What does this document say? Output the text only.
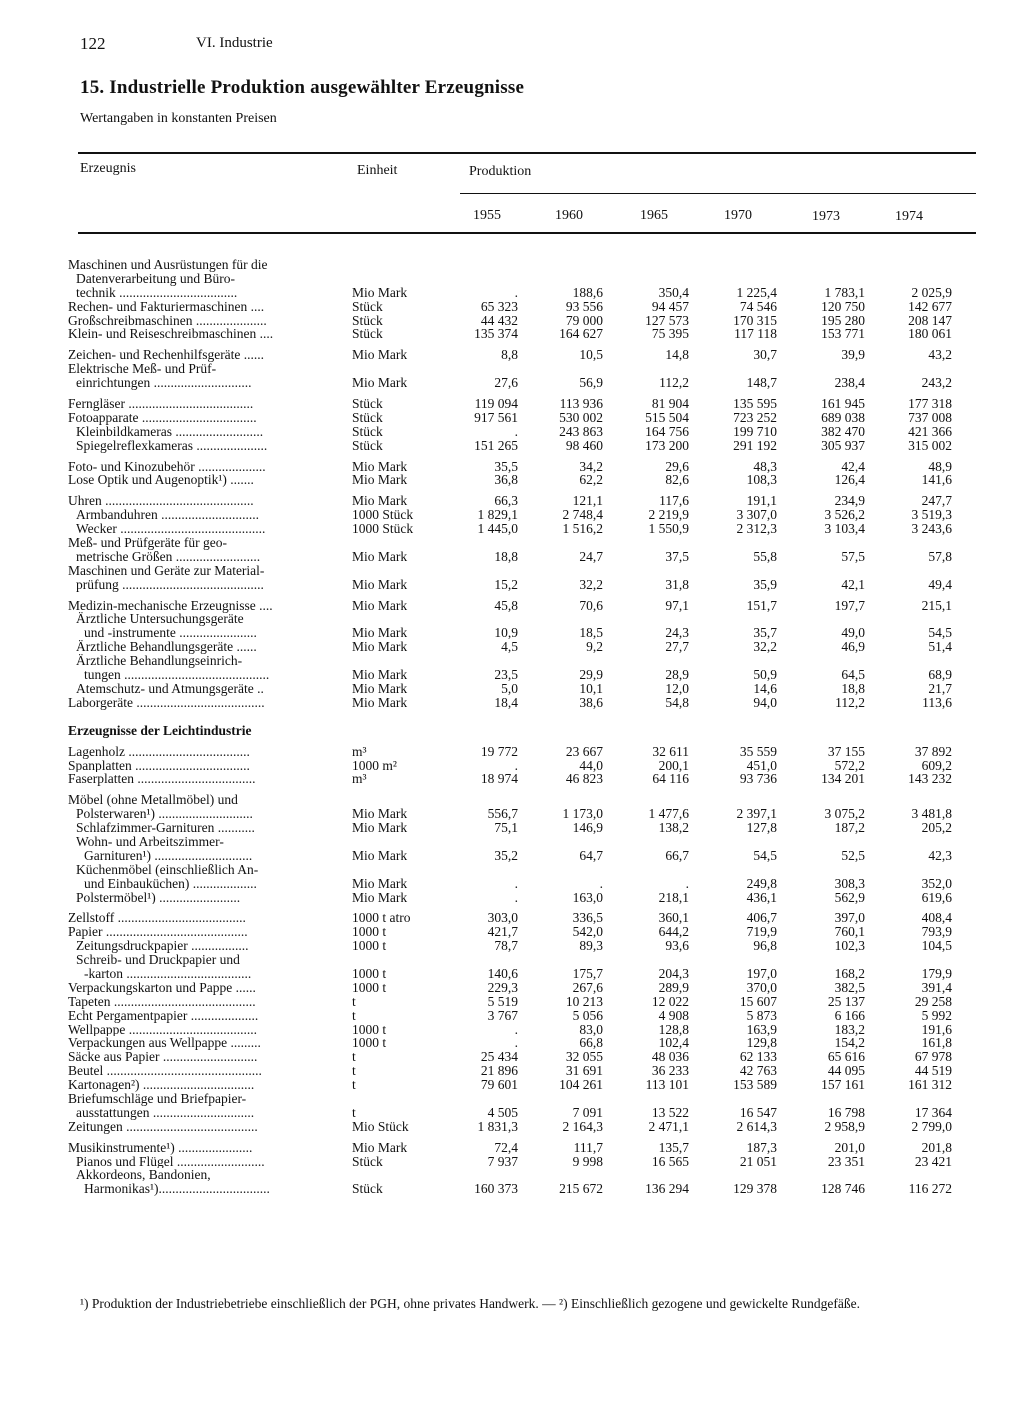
122	VI. Industrie
15. Industrielle Produktion ausgewählter Erzeugnisse
Wertangaben in konstanten Preisen
Erzeugnis	Einheit	Produktion
1955	1960	1965	1970	1973	1974
Maschinen und Ausrüstungen für die
Datenverarbeitung und Büro-
technik ...................................	Mio Mark	.	188,6	350,4	1 225,4	1 783,1	2 025,9
Rechen- und Fakturiermaschinen ....	Stück	65 323	93 556	94 457	74 546	120 750	142 677
Großschreibmaschinen .....................	Stück	44 432	79 000	127 573	170 315	195 280	208 147
Klein- und Reiseschreibmaschinen ....	Stück	135 374	164 627	75 395	117 118	153 771	180 061
Zeichen- und Rechenhilfsgeräte ......	Mio Mark	8,8	10,5	14,8	30,7	39,9	43,2
Elektrische Meß- und Prüf-
einrichtungen .............................	Mio Mark	27,6	56,9	112,2	148,7	238,4	243,2
Ferngläser .....................................	Stück	119 094	113 936	81 904	135 595	161 945	177 318
Fotoapparate ..................................	Stück	917 561	530 002	515 504	723 252	689 038	737 008
Kleinbildkameras ..........................	Stück	.	243 863	164 756	199 710	382 470	421 366
Spiegelreflexkameras .....................	Stück	151 265	98 460	173 200	291 192	305 937	315 002
Foto- und Kinozubehör ....................	Mio Mark	35,5	34,2	29,6	48,3	42,4	48,9
Lose Optik und Augenoptik¹) .......	Mio Mark	36,8	62,2	82,6	108,3	126,4	141,6
Uhren ............................................	Mio Mark	66,3	121,1	117,6	191,1	234,9	247,7
Armbanduhren .............................	1000 Stück	1 829,1	2 748,4	2 219,9	3 307,0	3 526,2	3 519,3
Wecker ...........................................	1000 Stück	1 445,0	1 516,2	1 550,9	2 312,3	3 103,4	3 243,6
Meß- und Prüfgeräte für geo-
metrische Größen .........................	Mio Mark	18,8	24,7	37,5	55,8	57,5	57,8
Maschinen und Geräte zur Material-
prüfung ..........................................	Mio Mark	15,2	32,2	31,8	35,9	42,1	49,4
Medizin-mechanische Erzeugnisse ....	Mio Mark	45,8	70,6	97,1	151,7	197,7	215,1
Ärztliche Untersuchungsgeräte
und -instrumente .......................	Mio Mark	10,9	18,5	24,3	35,7	49,0	54,5
Ärztliche Behandlungsgeräte ......	Mio Mark	4,5	9,2	27,7	32,2	46,9	51,4
Ärztliche Behandlungseinrich-
tungen ...........................................	Mio Mark	23,5	29,9	28,9	50,9	64,5	68,9
Atemschutz- und Atmungsgeräte ..	Mio Mark	5,0	10,1	12,0	14,6	18,8	21,7
Laborgeräte ......................................	Mio Mark	18,4	38,6	54,8	94,0	112,2	113,6
Erzeugnisse der Leichtindustrie
Lagenholz ....................................	m³	19 772	23 667	32 611	35 559	37 155	37 892
Spanplatten ..................................	1000 m²	.	44,0	200,1	451,0	572,2	609,2
Faserplatten ...................................	m³	18 974	46 823	64 116	93 736	134 201	143 232
Möbel (ohne Metallmöbel) und
Polsterwaren¹) ............................	Mio Mark	556,7	1 173,0	1 477,6	2 397,1	3 075,2	3 481,8
Schlafzimmer-Garnituren ...........	Mio Mark	75,1	146,9	138,2	127,8	187,2	205,2
Wohn- und Arbeitszimmer-
Garnituren¹) .............................	Mio Mark	35,2	64,7	66,7	54,5	52,5	42,3
Küchenmöbel (einschließlich An-
und Einbauküchen) ...................	Mio Mark	.	.	.	249,8	308,3	352,0
Polstermöbel¹) ........................	Mio Mark	.	163,0	218,1	436,1	562,9	619,6
Zellstoff ......................................	1000 t atro	303,0	336,5	360,1	406,7	397,0	408,4
Papier ..........................................	1000 t	421,7	542,0	644,2	719,9	760,1	793,9
Zeitungsdruckpapier .................	1000 t	78,7	89,3	93,6	96,8	102,3	104,5
Schreib- und Druckpapier und
-karton .....................................	1000 t	140,6	175,7	204,3	197,0	168,2	179,9
Verpackungskarton und Pappe ......	1000 t	229,3	267,6	289,9	370,0	382,5	391,4
Tapeten ..........................................	t	5 519	10 213	12 022	15 607	25 137	29 258
Echt Pergamentpapier ....................	t	3 767	5 056	4 908	5 873	6 166	5 992
Wellpappe ......................................	1000 t	.	83,0	128,8	163,9	183,2	191,6
Verpackungen aus Wellpappe .........	1000 t	.	66,8	102,4	129,8	154,2	161,8
Säcke aus Papier ............................	t	25 434	32 055	48 036	62 133	65 616	67 978
Beutel ..............................................	t	21 896	31 691	36 233	42 763	44 095	44 519
Kartonagen²) .................................	t	79 601	104 261	113 101	153 589	157 161	161 312
Briefumschläge und Briefpapier-
ausstattungen ..............................	t	4 505	7 091	13 522	16 547	16 798	17 364
Zeitungen .......................................	Mio Stück	1 831,3	2 164,3	2 471,1	2 614,3	2 958,9	2 799,0
Musikinstrumente¹) ......................	Mio Mark	72,4	111,7	135,7	187,3	201,0	201,8
Pianos und Flügel ..........................	Stück	7 937	9 998	16 565	21 051	23 351	23 421
Akkordeons, Bandonien,
Harmonikas¹).................................	Stück	160 373	215 672	136 294	129 378	128 746	116 272
¹) Produktion der Industriebetriebe einschließlich der PGH, ohne privates Handwerk. — ²) Einschließlich gezogene und gewickelte Rundgefäße.
